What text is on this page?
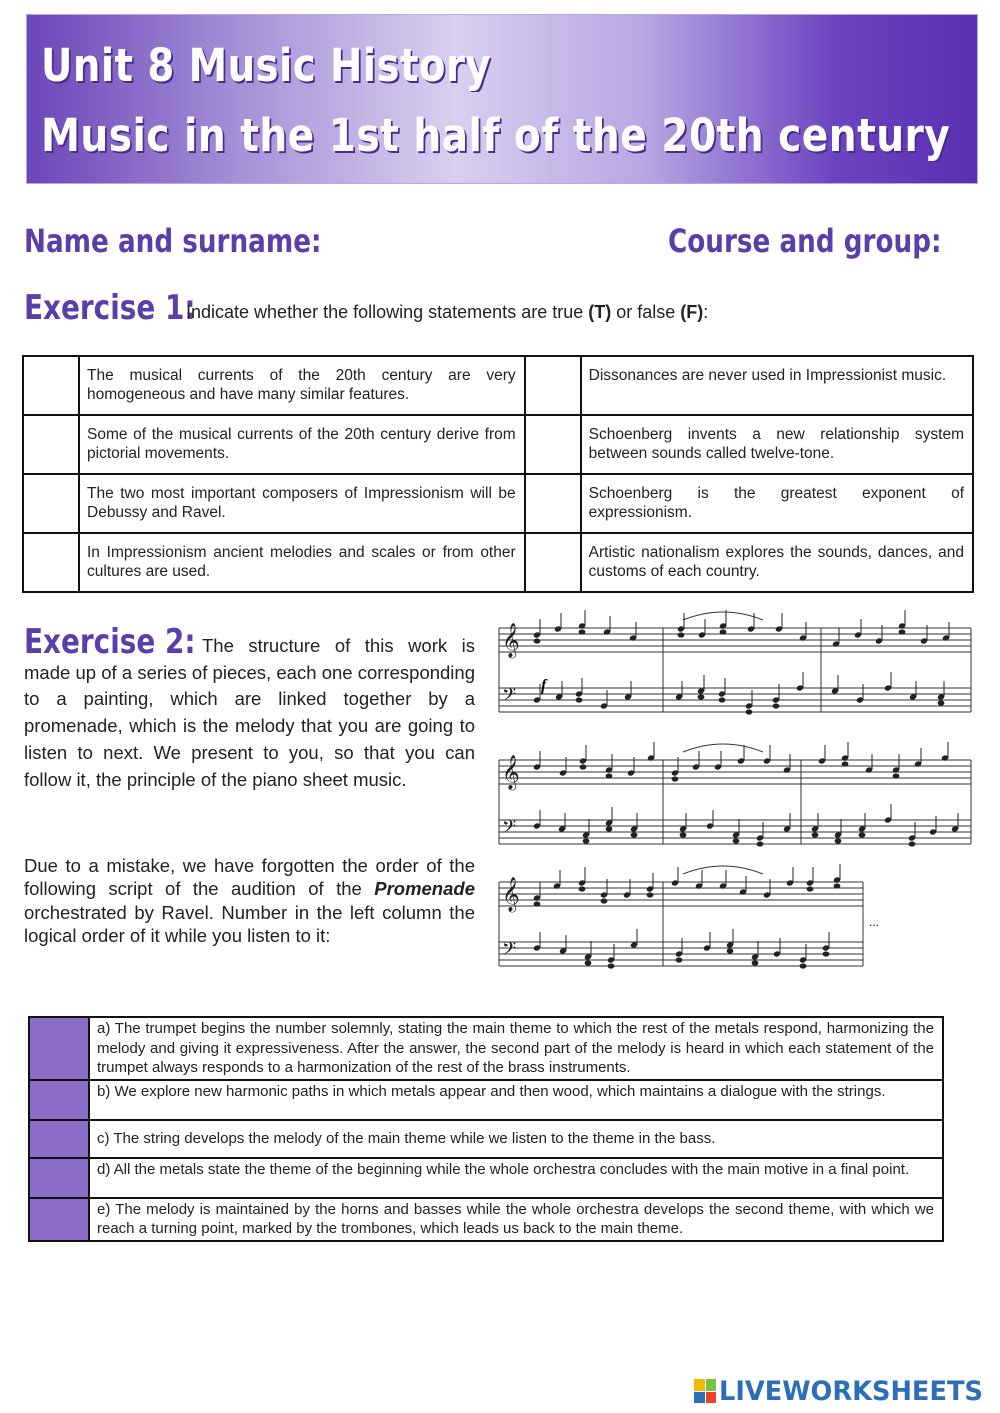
Unit 8 Music History
Music in the 1st half of the 20th century
Name and surname:	Course and group:
Exercise 1:
Indicate whether the following statements are true (T) or false (F):
	The musical currents of the 20th century are very homogeneous and have many similar features.		Dissonances are never used in Impressionist music.
	Some of the musical currents of the 20th century derive from pictorial movements.		Schoenberg invents a new relationship system between sounds called twelve-tone.
	The two most important composers of Impressionism will be Debussy and Ravel.		Schoenberg is the greatest exponent of expressionism.
	In Impressionism ancient melodies and scales or from other cultures are used.		Artistic nationalism explores the sounds, dances, and customs of each country.
Exercise 2: The structure of this work is made up of a series of pieces, each one corresponding to a painting, which are linked together by a promenade, which is the melody that you are going to listen to next. We present to you, so that you can follow it, the principle of the piano sheet music.
Due to a mistake, we have forgotten the order of the following script of the audition of the Promenade orchestrated by Ravel. Number in the left column the logical order of it while you listen to it:
𝄞
𝄢
𝄞
𝄢
𝄞
𝄢
f
...
	a) The trumpet begins the number solemnly, stating the main theme to which the rest of the metals respond, harmonizing the melody and giving it expressiveness. After the answer, the second part of the melody is heard in which each statement of the trumpet always responds to a harmonization of the rest of the brass instruments.
	b) We explore new harmonic paths in which metals appear and then wood, which maintains a dialogue with the strings.
	c) The string develops the melody of the main theme while we listen to the theme in the bass.
	d) All the metals state the theme of the beginning while the whole orchestra concludes with the main motive in a final point.
	e) The melody is maintained by the horns and basses while the whole orchestra develops the second theme, with which we reach a turning point, marked by the trombones, which leads us back to the main theme.
LIVEWORKSHEETS
